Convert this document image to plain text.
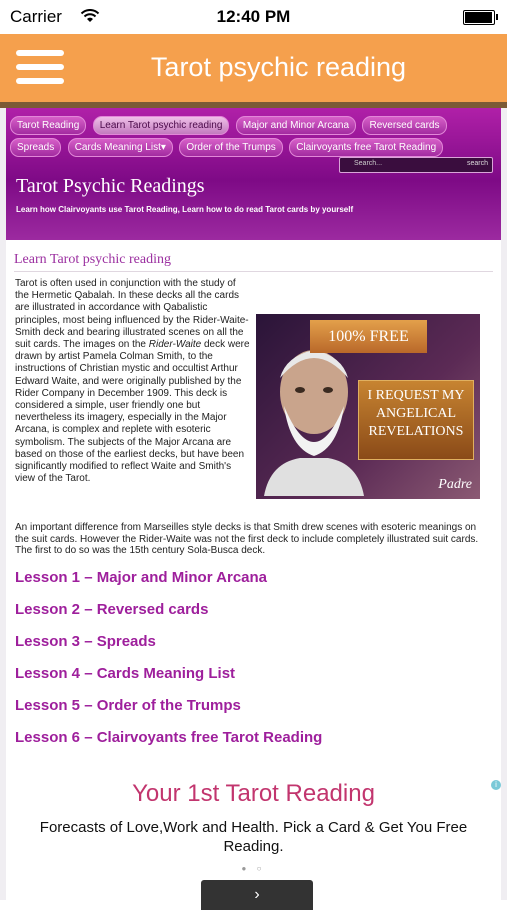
Carrier	12:40 PM
Tarot psychic reading
Tarot Reading Learn Tarot psychic reading Major and Minor Arcana Reversed cards
Spreads Cards Meaning List▾ Order of the Trumps Clairvoyants free Tarot Reading
Search...	search
Tarot Psychic Readings
Learn how Clairvoyants use Tarot Reading, Learn how to do read Tarot cards by yourself
Learn Tarot psychic reading
Tarot is often used in conjunction with the study of the Hermetic Qabalah. In these decks all the cards are illustrated in accordance with Qabalistic principles, most being influenced by the Rider-Waite-Smith deck and bearing illustrated scenes on all the suit cards. The images on the Rider-Waite deck were drawn by artist Pamela Colman Smith, to the instructions of Christian mystic and occultist Arthur Edward Waite, and were originally published by the Rider Company in December 1909. This deck is considered a simple, user friendly one but nevertheless its imagery, especially in the Major Arcana, is complex and replete with esoteric symbolism. The subjects of the Major Arcana are based on those of the earliest decks, but have been significantly modified to reflect Waite and Smith's view of the Tarot.
100% FREE
I REQUEST MY ANGELICAL REVELATIONS
Padre
An important difference from Marseilles style decks is that Smith drew scenes with esoteric meanings on the suit cards. However the Rider-Waite was not the first deck to include completely illustrated suit cards. The first to do so was the 15th century Sola-Busca deck.
Lesson 1 – Major and Minor Arcana
Lesson 2 – Reversed cards
Lesson 3 – Spreads
Lesson 4 – Cards Meaning List
Lesson 5 – Order of the Trumps
Lesson 6 – Clairvoyants free Tarot Reading
Your 1st Tarot Reading
Forecasts of Love,Work and Health. Pick a Card & Get You Free Reading.
i
● ○
›
